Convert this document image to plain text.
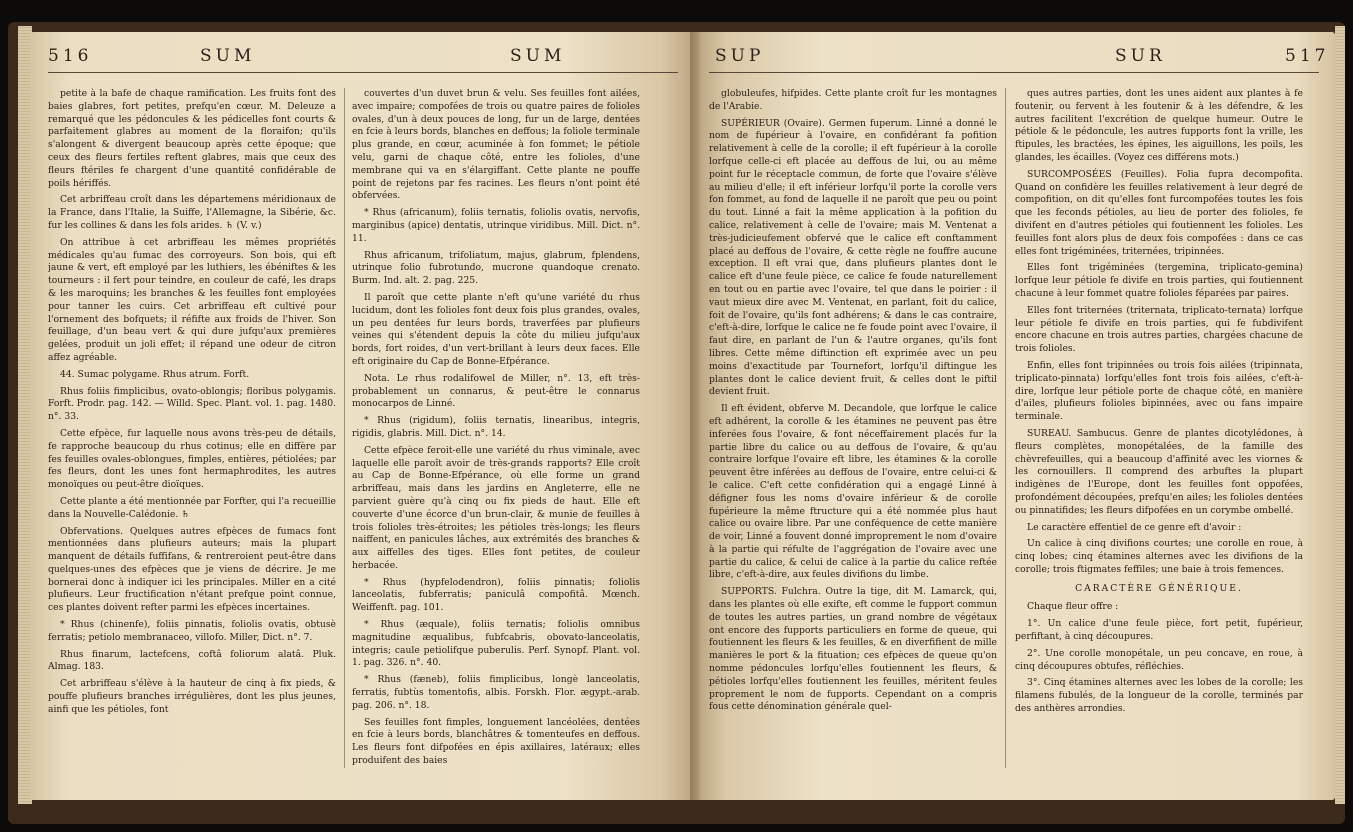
516	SUM	SUM

petite à la bafe de chaque ramification. Les fruits font des baies glabres, fort petites, prefqu'en cœur. M. Deleuze a remarqué que les pédoncules & les pédicelles font courts & parfaitement glabres au moment de la floraifon; qu'ils s'alongent & divergent beaucoup après cette époque; que ceux des fleurs fertiles reftent glabres, mais que ceux des fleurs ftériles fe chargent d'une quantité confidérable de poils hériffés.

Cet arbriffeau croît dans les départemens méridionaux de la France, dans l'Italie, la Suiffe, l'Allemagne, la Sibérie, &c. fur les collines & dans les fols arides. ♄ (V. v.)

On attribue à cet arbriffeau les mêmes propriétés médicales qu'au fumac des corroyeurs. Son bois, qui eft jaune & vert, eft employé par les luthiers, les ébéniftes & les tourneurs : il fert pour teindre, en couleur de café, les draps & les maroquins; les branches & les feuilles font employées pour tanner les cuirs. Cet arbriffeau eft cultivé pour l'ornement des bofquets; il réfifte aux froids de l'hiver. Son feuillage, d'un beau vert & qui dure jufqu'aux premières gelées, produit un joli effet; il répand une odeur de citron affez agréable.

44. Sumac polygame. Rhus atrum. Forft.

Rhus foliis fimplicibus, ovato-oblongis; floribus polygamis. Forft. Prodr. pag. 142. — Willd. Spec. Plant. vol. 1. pag. 1480. n°. 33.

Cette efpèce, fur laquelle nous avons très-peu de détails, fe rapproche beaucoup du rhus cotinus; elle en diffère par fes feuilles ovales-oblongues, fimples, entières, pétiolées; par fes fleurs, dont les unes font hermaphrodites, les autres monoïques ou peut-être dioïques.

Cette plante a été mentionnée par Forfter, qui l'a recueillie dans la Nouvelle-Calédonie. ♄

Obfervations. Quelques autres efpèces de fumacs font mentionnées dans plufieurs auteurs; mais la plupart manquent de détails fuffifans, & rentreroient peut-être dans quelques-unes des efpèces que je viens de décrire. Je me bornerai donc à indiquer ici les principales. Miller en a cité plufieurs. Leur fructification n'étant prefque point connue, ces plantes doivent refter parmi les efpèces incertaines.

* Rhus (chinenfe), foliis pinnatis, foliolis ovatis, obtusè ferratis; petiolo membranaceo, villofo. Miller, Dict. n°. 7.

Rhus finarum, lactefcens, coftâ foliorum alatâ. Pluk. Almag. 183.

Cet arbriffeau s'élève à la hauteur de cinq à fix pieds, & pouffe plufieurs branches irrégulières, dont les plus jeunes, ainfi que les pétioles, font

couvertes d'un duvet brun & velu. Ses feuilles font ailées, avec impaire; compofées de trois ou quatre paires de folioles ovales, d'un à deux pouces de long, fur un de large, dentées en fcie à leurs bords, blanches en deffous; la foliole terminale plus grande, en cœur, acuminée à fon fommet; le pétiole velu, garni de chaque côté, entre les folioles, d'une membrane qui va en s'élargiffant. Cette plante ne pouffe point de rejetons par fes racines. Les fleurs n'ont point été obfervées.

* Rhus (africanum), foliis ternatis, foliolis ovatis, nervofis, marginibus (apice) dentatis, utrinque viridibus. Mill. Dict. n°. 11.

Rhus africanum, trifoliatum, majus, glabrum, fplendens, utrinque folio fubrotundo, mucrone quandoque crenato. Burm. Ind. alt. 2. pag. 225.

Il paroît que cette plante n'eft qu'une variété du rhus lucidum, dont les folioles font deux fois plus grandes, ovales, un peu dentées fur leurs bords, traverfées par plufieurs veines qui s'étendent depuis la côte du milieu jufqu'aux bords, fort roides, d'un vert-brillant à leurs deux faces. Elle eft originaire du Cap de Bonne-Efpérance.

Nota. Le rhus rodalifowel de Miller, n°. 13, eft très-probablement un connarus, & peut-être le connarus monocarpos de Linné.

* Rhus (rigidum), foliis ternatis, linearibus, integris, rigidis, glabris. Mill. Dict. n°. 14.

Cette efpèce feroit-elle une variété du rhus viminale, avec laquelle elle paroît avoir de très-grands rapports? Elle croît au Cap de Bonne-Efpérance, où elle forme un grand arbriffeau, mais dans les jardins en Angleterre, elle ne parvient guère qu'à cinq ou fix pieds de haut. Elle eft couverte d'une écorce d'un brun-clair, & munie de feuilles à trois folioles très-étroites; les pétioles très-longs; les fleurs naiffent, en panicules lâches, aux extrémités des branches & aux aiffelles des tiges. Elles font petites, de couleur herbacée.

* Rhus (hypfelodendron), foliis pinnatis; foliolis lanceolatis, fubferratis; paniculâ compofitâ. Mœnch. Weiffenft. pag. 101.

* Rhus (æquale), foliis ternatis; foliolis omnibus magnitudine æqualibus, fubfcabris, obovato-lanceolatis, integris; caule petiolifque puberulis. Perf. Synopf. Plant. vol. 1. pag. 326. n°. 40.

* Rhus (fæneb), foliis fimplicibus, longè lanceolatis, ferratis, fubtùs tomentofis, albis. Forskh. Flor. ægypt.-arab. pag. 206. n°. 18.

Ses feuilles font fimples, longuement lancéolées, dentées en fcie à leurs bords, blanchâtres & tomenteufes en deffous. Les fleurs font difpofées en épis axillaires, latéraux; elles produifent des baies

SUP	SUR	517

globuleufes, hifpides. Cette plante croît fur les montagnes de l'Arabie.

SUPÉRIEUR (Ovaire). Germen fuperum. Linné a donné le nom de fupérieur à l'ovaire, en confidérant fa pofition relativement à celle de la corolle; il eft fupérieur à la corolle lorfque celle-ci eft placée au deffous de lui, ou au même point fur le réceptacle commun, de forte que l'ovaire s'élève au milieu d'elle; il eft inférieur lorfqu'il porte la corolle vers fon fommet, au fond de laquelle il ne paroît que peu ou point du tout. Linné a fait la même application à la pofition du calice, relativement à celle de l'ovaire; mais M. Ventenat a très-judicieufement obfervé que le calice eft conftamment placé au deffous de l'ovaire, & cette règle ne fouffre aucune exception. Il eft vrai que, dans plufieurs plantes dont le calice eft d'une feule pièce, ce calice fe foude naturellement en tout ou en partie avec l'ovaire, tel que dans le poirier : il vaut mieux dire avec M. Ventenat, en parlant, foit du calice, foit de l'ovaire, qu'ils font adhérens; & dans le cas contraire, c'eft-à-dire, lorfque le calice ne fe foude point avec l'ovaire, il faut dire, en parlant de l'un & l'autre organes, qu'ils font libres. Cette même diftinction eft exprimée avec un peu moins d'exactitude par Tournefort, lorfqu'il diftingue les plantes dont le calice devient fruit, & celles dont le piftil devient fruit.

Il eft évident, obferve M. Decandole, que lorfque le calice eft adhérent, la corolle & les étamines ne peuvent pas être inferées fous l'ovaire, & font néceffairement placés fur la partie libre du calice ou au deffous de l'ovaire, & qu'au contraire lorfque l'ovaire eft libre, les étamines & la corolle peuvent être inférées au deffous de l'ovaire, entre celui-ci & le calice. C'eft cette confidération qui a engagé Linné à défigner fous les noms d'ovaire inférieur & de corolle fupérieure la même ftructure qui a été nommée plus haut calice ou ovaire libre. Par une conféquence de cette manière de voir, Linné a fouvent donné improprement le nom d'ovaire à la partie qui réfulte de l'aggrégation de l'ovaire avec une partie du calice, & celui de calice à la partie du calice reftée libre, c'eft-à-dire, aux feules divifions du limbe.

SUPPORTS. Fulchra. Outre la tige, dit M. Lamarck, qui, dans les plantes où elle exifte, eft comme le fupport commun de toutes les autres parties, un grand nombre de végétaux ont encore des fupports particuliers en forme de queue, qui foutiennent les fleurs & les feuilles, & en diverfifient de mille manières le port & la fituation; ces efpèces de queue qu'on nomme pédoncules lorfqu'elles foutiennent les fleurs, & pétioles lorfqu'elles foutiennent les feuilles, méritent feules proprement le nom de fupports. Cependant on a compris fous cette dénomination générale quel-

ques autres parties, dont les unes aident aux plantes à fe foutenir, ou fervent à les foutenir & à les défendre, & les autres facilitent l'excrétion de quelque humeur. Outre le pétiole & le pédoncule, les autres fupports font la vrille, les ftipules, les bractées, les épines, les aiguillons, les poils, les glandes, les écailles. (Voyez ces différens mots.)

SURCOMPOSÉES (Feuilles). Folia fupra decompofita. Quand on confidère les feuilles relativement à leur degré de compofition, on dit qu'elles font furcompofées toutes les fois que les feconds pétioles, au lieu de porter des folioles, fe divifent en d'autres pétioles qui foutiennent les folioles. Les feuilles font alors plus de deux fois compofées : dans ce cas elles font trigéminées, triternées, tripinnées.

Elles font trigéminées (tergemina, triplicato-gemina) lorfque leur pétiole fe divife en trois parties, qui foutiennent chacune à leur fommet quatre folioles féparées par paires.

Elles font triternées (triternata, triplicato-ternata) lorfque leur pétiole fe divife en trois parties, qui fe fubdivifent encore chacune en trois autres parties, chargées chacune de trois folioles.

Enfin, elles font tripinnées ou trois fois ailées (tripinnata, triplicato-pinnata) lorfqu'elles font trois fois ailées, c'eft-à-dire, lorfque leur pétiole porte de chaque côté, en manière d'ailes, plufieurs folioles bipinnées, avec ou fans impaire terminale.

SUREAU. Sambucus. Genre de plantes dicotylédones, à fleurs complètes, monopétalées, de la famille des chèvrefeuilles, qui a beaucoup d'affinité avec les viornes & les cornouillers. Il comprend des arbuftes la plupart indigènes de l'Europe, dont les feuilles font oppofées, profondément découpées, prefqu'en ailes; les folioles dentées ou pinnatifides; les fleurs difpofées en un corymbe ombellé.

Le caractère effentiel de ce genre eft d'avoir :

Un calice à cinq divifions courtes; une corolle en roue, à cinq lobes; cinq étamines alternes avec les divifions de la corolle; trois ftigmates feffiles; une baie à trois femences.

CARACTÈRE GÉNÉRIQUE.

Chaque fleur offre :

1°. Un calice d'une feule pièce, fort petit, fupérieur, perfiftant, à cinq découpures.

2°. Une corolle monopétale, un peu concave, en roue, à cinq découpures obtufes, réfléchies.

3°. Cinq étamines alternes avec les lobes de la corolle; les filamens fubulés, de la longueur de la corolle, terminés par des anthères arrondies.
